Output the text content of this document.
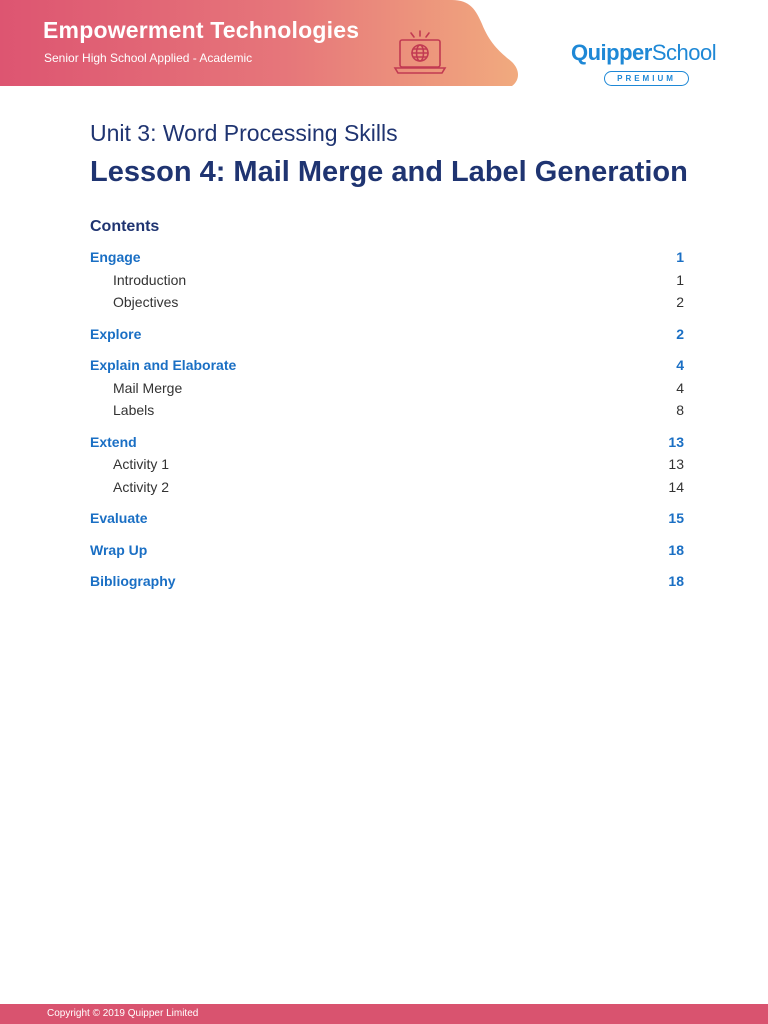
Empowerment Technologies
Senior High School Applied - Academic	QuipperSchool
PREMIUM
Unit 3: Word Processing Skills
Lesson 4: Mail Merge and Label Generation
Contents
Engage	1
Introduction	1
Objectives	2
Explore	2
Explain and Elaborate	4
Mail Merge	4
Labels	8
Extend	13
Activity 1	13
Activity 2	14
Evaluate	15
Wrap Up	18
Bibliography	18
Copyright © 2019 Quipper Limited
